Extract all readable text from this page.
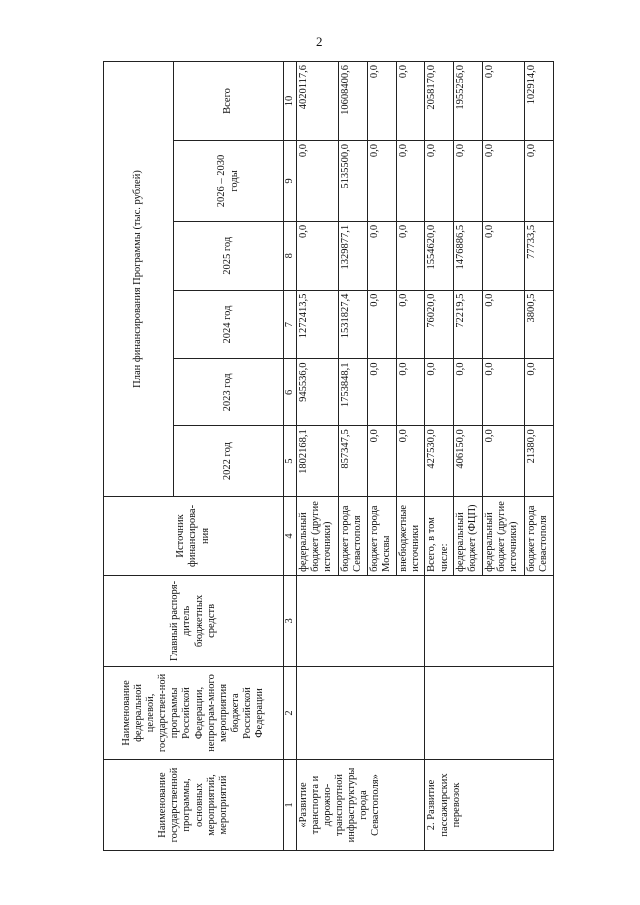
2
Наименование государственной программы, основных мероприятий, мероприятий	Наименование федеральной целевой, государствен-ной программы Российской Федерации, непрограм-много мероприятия бюджета Российской Федерации	Главный распоря-дитель бюджетных средств	Источник финансирова-ния	План финансирования Программы (тыс. рублей)					
				2022 год	2023 год	2024 год	2025 год	2026 – 2030 годы	Всего
1	2	3	4	5	6	7	8	9	10
«Развитие транспорта и дорожно-транспортной инфраструктуры города Севастополя»			федеральный бюджет (другие источники)	1802168,1	945536,0	1272413,5	0,0	0,0	4020117,6
			бюджет города Севастополя	857347,5	1753848,1	1531827,4	1329877,1	5135500,0	10608400,6
			бюджет города Москвы	0,0	0,0	0,0	0,0	0,0	0,0
			внебюджетные источники	0,0	0,0	0,0	0,0	0,0	0,0
2. Развитие пассажирских перевозок			Всего, в том числе:	427530,0	0,0	76020,0	1554620,0	0,0	2058170,0
			федеральный бюджет (ФЦП)	406150,0	0,0	72219,5	1476886,5	0,0	1955256,0
			федеральный бюджет (другие источники)	0,0	0,0	0,0	0,0	0,0	0,0
			бюджет города Севастополя	21380,0	0,0	3800,5	77733,5	0,0	102914,0
